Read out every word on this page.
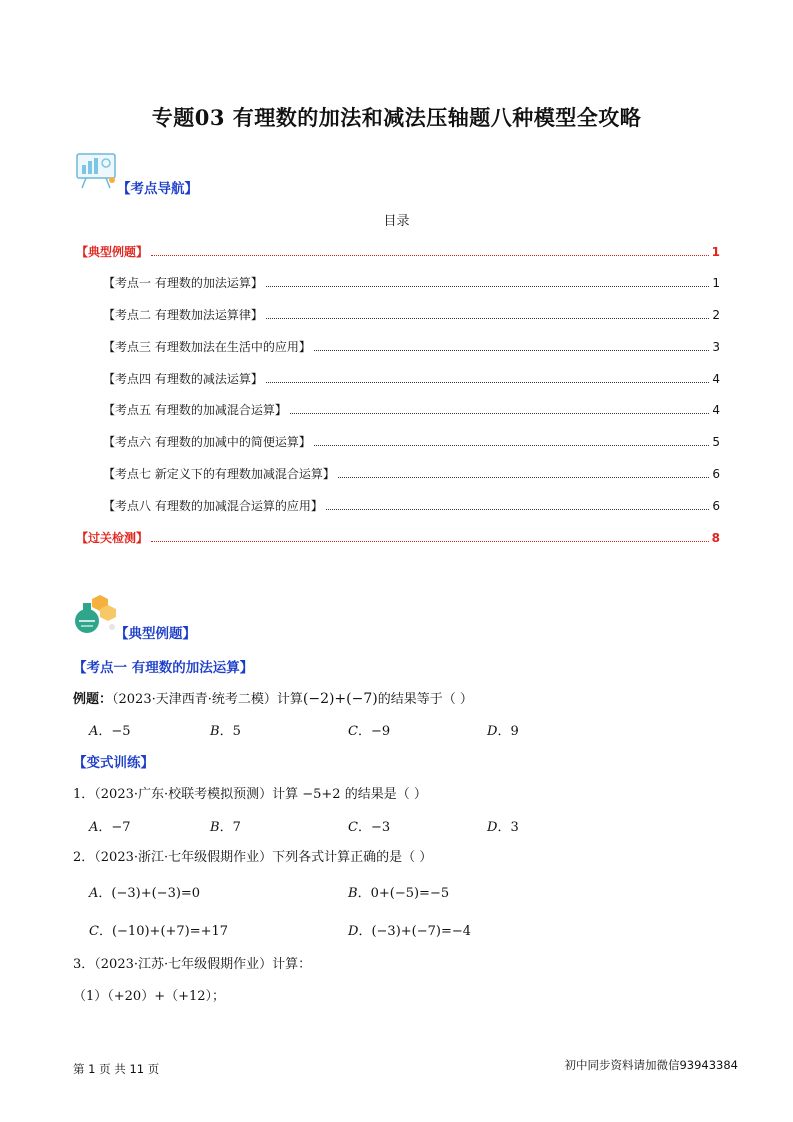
专题03 有理数的加法和减法压轴题八种模型全攻略
【考点导航】
目录
【典型例题】	1
【考点一 有理数的加法运算】	1
【考点二 有理数加法运算律】	2
【考点三 有理数加法在生活中的应用】	3
【考点四 有理数的减法运算】	4
【考点五 有理数的加减混合运算】	4
【考点六 有理数的加减中的简便运算】	5
【考点七 新定义下的有理数加减混合运算】	6
【考点八 有理数的加减混合运算的应用】	6
【过关检测】	8
【典型例题】
【考点一 有理数的加法运算】
例题：（2023·天津西青·统考二模）计算(−2)+(−7)的结果等于（ ）
A．−5	B．5	C．−9	D．9
【变式训练】
1．（2023·广东·校联考模拟预测）计算 −5+2 的结果是（ ）
A．−7	B．7	C．−3	D．3
2．（2023·浙江·七年级假期作业）下列各式计算正确的是（ ）
A．(−3)+(−3)=0	B．0+(−5)=−5
C．(−10)+(+7)=+17	D．(−3)+(−7)=−4
3．（2023·江苏·七年级假期作业）计算：
（1）（+20）+（+12）；
第 1 页 共 11 页	初中同步资料请加微信93943384
